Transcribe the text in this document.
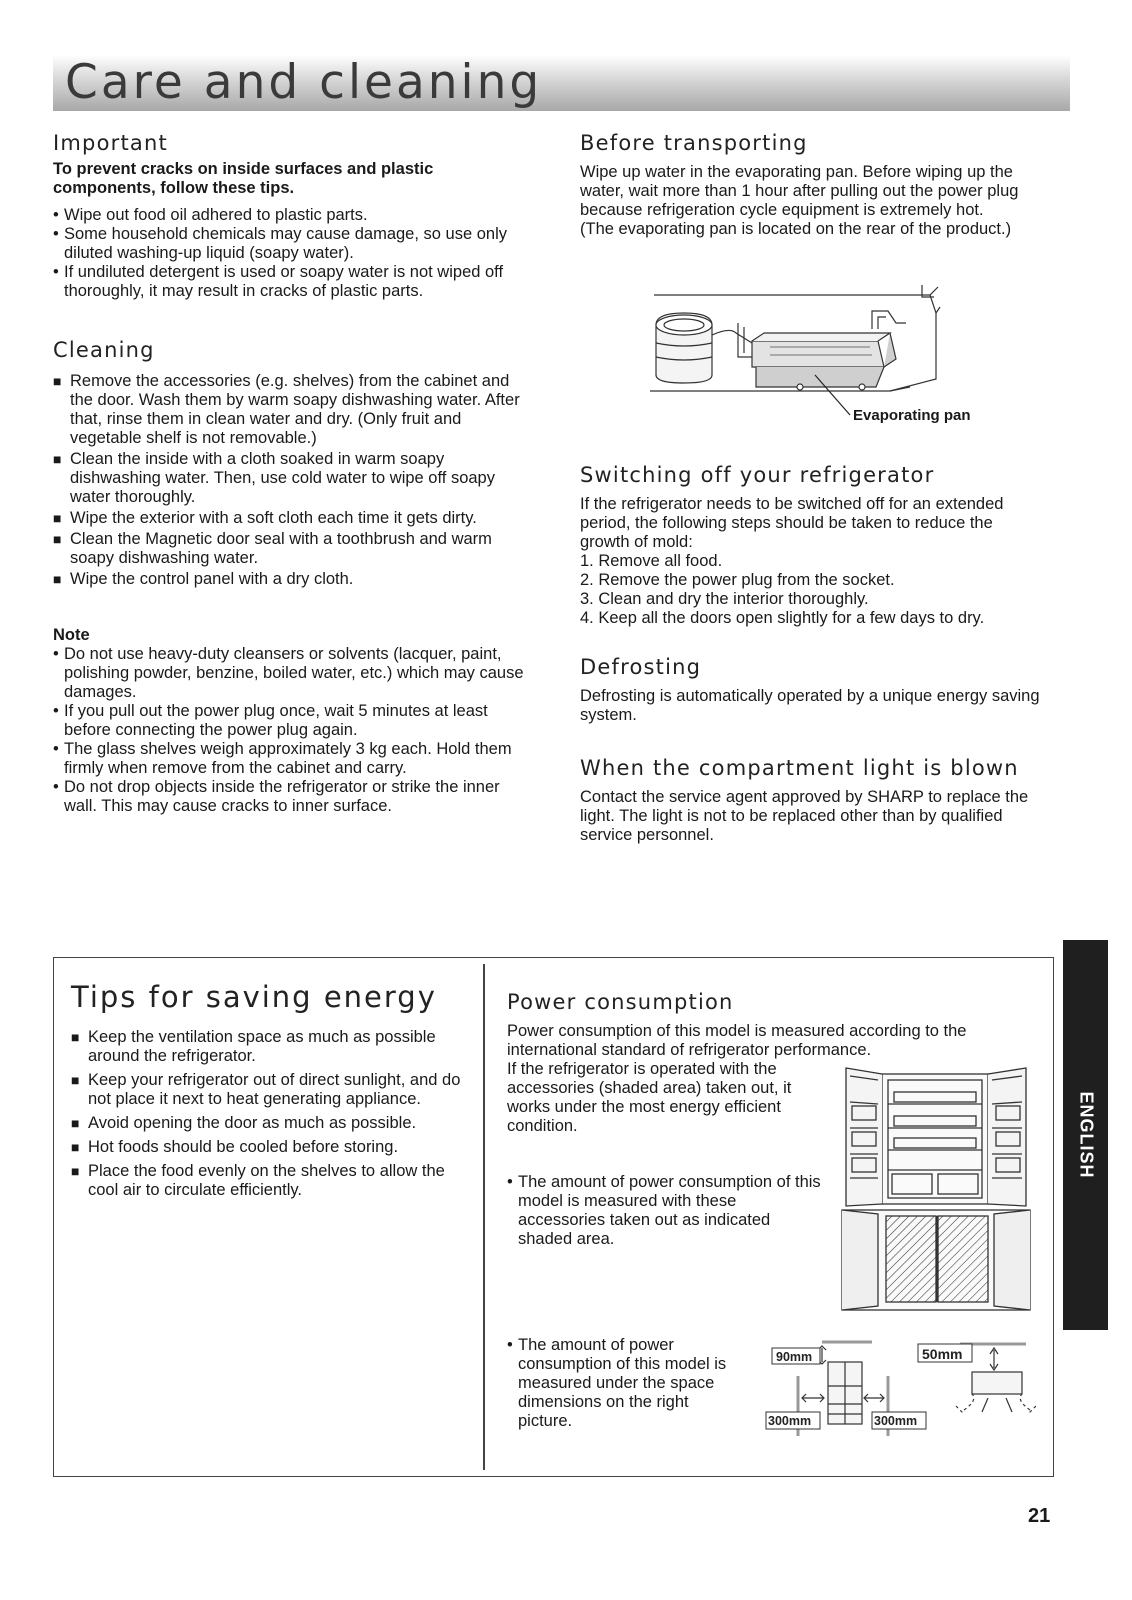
Care and cleaning
Important
To prevent cracks on inside surfaces and plastic
components, follow these tips.
• Wipe out food oil adhered to plastic parts.
• Some household chemicals may cause damage, so use only diluted washing-up liquid (soapy water).
• If undiluted detergent is used or soapy water is not wiped off thoroughly, it may result in cracks of plastic parts.
Cleaning
■ Remove the accessories (e.g. shelves) from the cabinet and the door. Wash them by warm soapy dishwashing water. After that, rinse them in clean water and dry. (Only fruit and vegetable shelf is not removable.)
■ Clean the inside with a cloth soaked in warm soapy dishwashing water. Then, use cold water to wipe off soapy water thoroughly.
■ Wipe the exterior with a soft cloth each time it gets dirty.
■ Clean the Magnetic door seal with a toothbrush and warm soapy dishwashing water.
■ Wipe the control panel with a dry cloth.
Note
• Do not use heavy-duty cleansers or solvents (lacquer, paint, polishing powder, benzine, boiled water, etc.) which may cause damages.
• If you pull out the power plug once, wait 5 minutes at least before connecting the power plug again.
• The glass shelves weigh approximately 3 kg each. Hold them firmly when remove from the cabinet and carry.
• Do not drop objects inside the refrigerator or strike the inner wall. This may cause cracks to inner surface.
Before transporting
Wipe up water in the evaporating pan. Before wiping up the water, wait more than 1 hour after pulling out the power plug because refrigeration cycle equipment is extremely hot.
(The evaporating pan is located on the rear of the product.)
Evaporating pan
Switching off your refrigerator
If the refrigerator needs to be switched off for an extended period, the following steps should be taken to reduce the growth of mold:
1. Remove all food.
2. Remove the power plug from the socket.
3. Clean and dry the interior thoroughly.
4. Keep all the doors open slightly for a few days to dry.
Defrosting
Defrosting is automatically operated by a unique energy saving system.
When the compartment light is blown
Contact the service agent approved by SHARP to replace the light. The light is not to be replaced other than by qualified service personnel.
Tips for saving energy
■ Keep the ventilation space as much as possible around the refrigerator.
■ Keep your refrigerator out of direct sunlight, and do not place it next to heat generating appliance.
■ Avoid opening the door as much as possible.
■ Hot foods should be cooled before storing.
■ Place the food evenly on the shelves to allow the cool air to circulate efficiently.
Power consumption
Power consumption of this model is measured according to the international standard of refrigerator performance.
If the refrigerator is operated with the accessories (shaded area) taken out, it works under the most energy efficient condition.
• The amount of power consumption of this model is measured with these accessories taken out as indicated shaded area.
• The amount of power consumption of this model is measured under the space dimensions on the right picture.
90mm	50mm
300mm	300mm
ENGLISH
21
